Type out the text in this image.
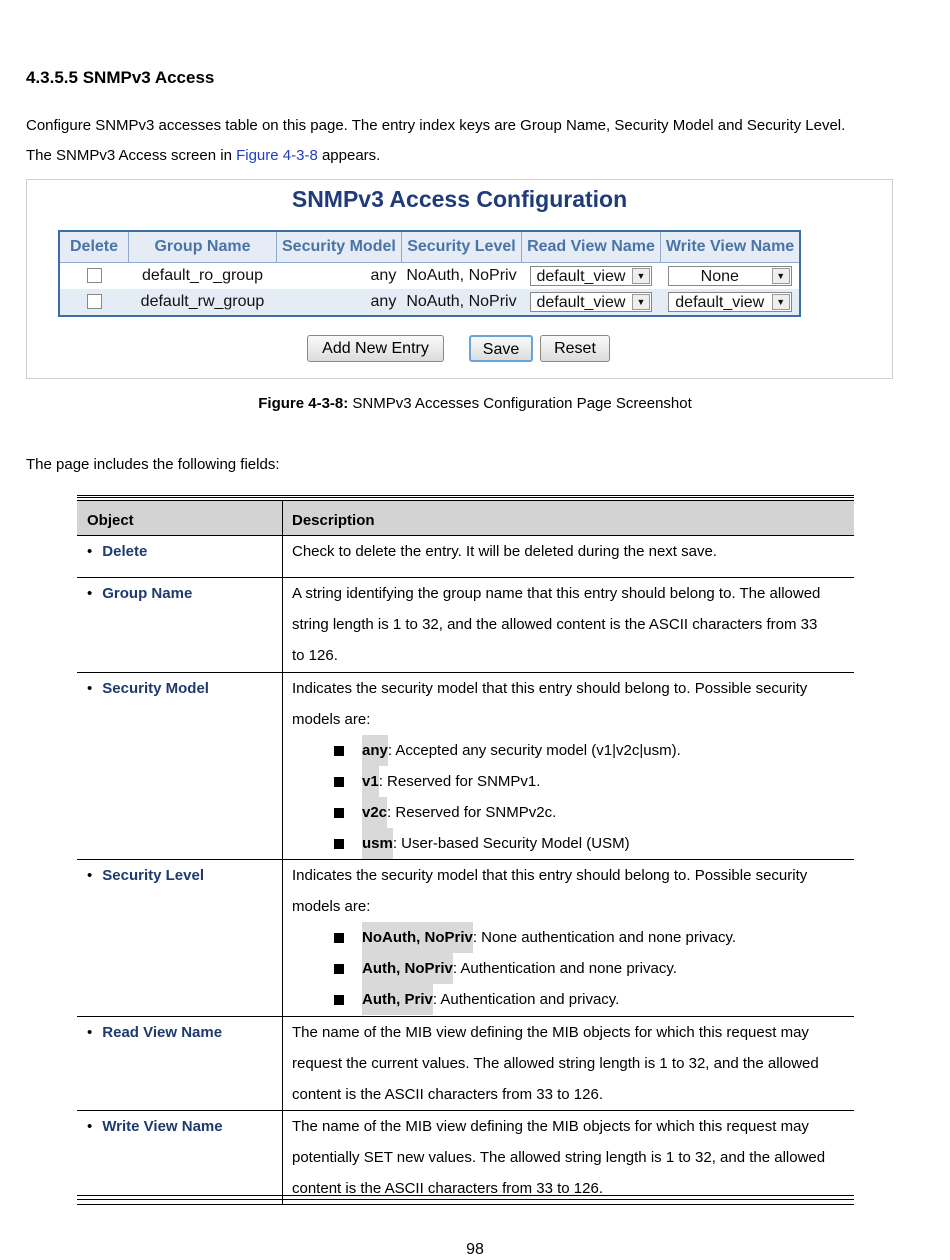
4.3.5.5 SNMPv3 Access
Configure SNMPv3 accesses table on this page. The entry index keys are Group Name, Security Model and Security Level.
The SNMPv3 Access screen in Figure 4-3-8 appears.
SNMPv3 Access Configuration
Delete	Group Name	Security Model	Security Level	Read View Name	Write View Name
	default_ro_group	any	NoAuth, NoPriv	default_view ▼	None ▼

	default_rw_group	any	NoAuth, NoPriv	default_view ▼	default_view ▼
Add New Entry	Save	Reset
Figure 4-3-8: SNMPv3 Accesses Configuration Page Screenshot
The page includes the following fields:
Object	Description
• Delete	Check to delete the entry. It will be deleted during the next save.
• Group Name	A string identifying the group name that this entry should belong to. The allowed
string length is 1 to 32, and the allowed content is the ASCII characters from 33
to 126.
• Security Model	Indicates the security model that this entry should belong to. Possible security
models are:
any : Accepted any security model (v1|v2c|usm).
v1 : Reserved for SNMPv1.
v2c : Reserved for SNMPv2c.
usm : User-based Security Model (USM)
• Security Level	Indicates the security model that this entry should belong to. Possible security
models are:
NoAuth, NoPriv : None authentication and none privacy.
Auth, NoPriv : Authentication and none privacy.
Auth, Priv : Authentication and privacy.
• Read View Name	The name of the MIB view defining the MIB objects for which this request may
request the current values. The allowed string length is 1 to 32, and the allowed
content is the ASCII characters from 33 to 126.
• Write View Name	The name of the MIB view defining the MIB objects for which this request may
potentially SET new values. The allowed string length is 1 to 32, and the allowed
content is the ASCII characters from 33 to 126.
98
